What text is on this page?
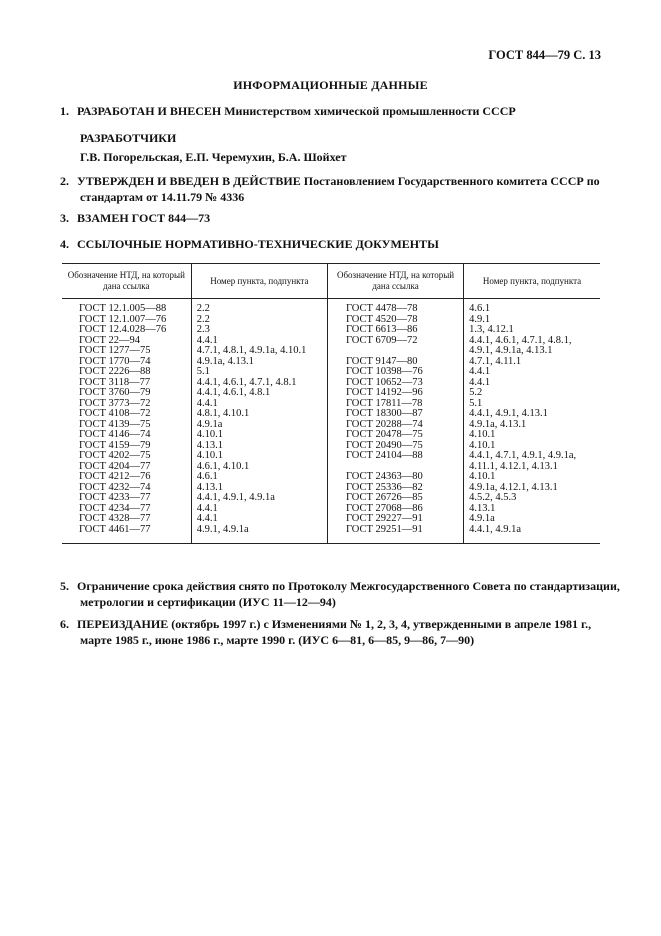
ГОСТ 844—79 С. 13
ИНФОРМАЦИОННЫЕ ДАННЫЕ
1. РАЗРАБОТАН И ВНЕСЕН Министерством химической промышленности СССР
РАЗРАБОТЧИКИ
Г.В. Погорельская, Е.П. Черемухин, Б.А. Шойхет
2. УТВЕРЖДЕН И ВВЕДЕН В ДЕЙСТВИЕ Постановлением Государственного комитета СССР по
стандартам от 14.11.79 № 4336
3. ВЗАМЕН ГОСТ 844—73
4. ССЫЛОЧНЫЕ НОРМАТИВНО-ТЕХНИЧЕСКИЕ ДОКУМЕНТЫ
Обозначение НТД, на который дана ссылка	Номер пункта, подпункта	Обозначение НТД, на который дана ссылка	Номер пункта, подпункта
ГОСТ 12.1.005—88	2.2	ГОСТ 4478—78	4.6.1
ГОСТ 12.1.007—76	2.2	ГОСТ 4520—78	4.9.1
ГОСТ 12.4.028—76	2.3	ГОСТ 6613—86	1.3, 4.12.1
ГОСТ 22—94	4.4.1	ГОСТ 6709—72	4.4.1, 4.6.1, 4.7.1, 4.8.1,
ГОСТ 1277—75	4.7.1, 4.8.1, 4.9.1а, 4.10.1		4.9.1, 4.9.1а, 4.13.1
ГОСТ 1770—74	4.9.1а, 4.13.1	ГОСТ 9147—80	4.7.1, 4.11.1
ГОСТ 2226—88	5.1	ГОСТ 10398—76	4.4.1
ГОСТ 3118—77	4.4.1, 4.6.1, 4.7.1, 4.8.1	ГОСТ 10652—73	4.4.1
ГОСТ 3760—79	4.4.1, 4.6.1, 4.8.1	ГОСТ 14192—96	5.2
ГОСТ 3773—72	4.4.1	ГОСТ 17811—78	5.1
ГОСТ 4108—72	4.8.1, 4.10.1	ГОСТ 18300—87	4.4.1, 4.9.1, 4.13.1
ГОСТ 4139—75	4.9.1а	ГОСТ 20288—74	4.9.1а, 4.13.1
ГОСТ 4146—74	4.10.1	ГОСТ 20478—75	4.10.1
ГОСТ 4159—79	4.13.1	ГОСТ 20490—75	4.10.1
ГОСТ 4202—75	4.10.1	ГОСТ 24104—88	4.4.1, 4.7.1, 4.9.1, 4.9.1а,
ГОСТ 4204—77	4.6.1, 4.10.1		4.11.1, 4.12.1, 4.13.1
ГОСТ 4212—76	4.6.1	ГОСТ 24363—80	4.10.1
ГОСТ 4232—74	4.13.1	ГОСТ 25336—82	4.9.1а, 4.12.1, 4.13.1
ГОСТ 4233—77	4.4.1, 4.9.1, 4.9.1а	ГОСТ 26726—85	4.5.2, 4.5.3
ГОСТ 4234—77	4.4.1	ГОСТ 27068—86	4.13.1
ГОСТ 4328—77	4.4.1	ГОСТ 29227—91	4.9.1а
ГОСТ 4461—77	4.9.1, 4.9.1а	ГОСТ 29251—91	4.4.1, 4.9.1а
5. Ограничение срока действия снято по Протоколу Межгосударственного Совета по стандартизации,
метрологии и сертификации (ИУС 11—12—94)
6. ПЕРЕИЗДАНИЕ (октябрь 1997 г.) с Изменениями № 1, 2, 3, 4, утвержденными в апреле 1981 г.,
марте 1985 г., июне 1986 г., марте 1990 г. (ИУС 6—81, 6—85, 9—86, 7—90)
